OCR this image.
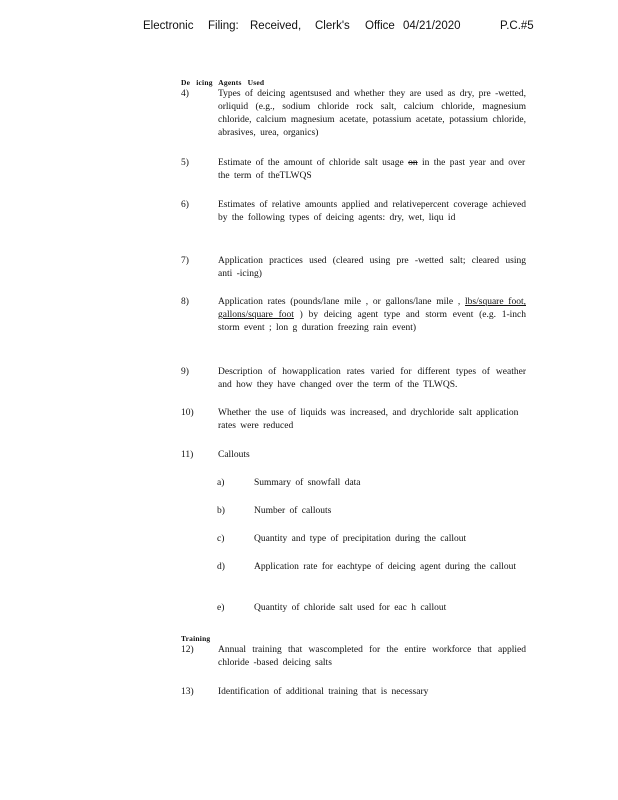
Electronic Filing: Received, Clerk's Office 04/21/2020	P.C.#5
De icing Agents Used
4)	Types of deicing agentsused and whether they are used as dry, pre -wetted, orliquid (e.g., sodium chloride rock salt, calcium chloride, magnesium chloride, calcium magnesium acetate, potassium acetate, potassium chloride, abrasives, urea, organics)
5)	Estimate of the amount of chloride salt usage on in the past year and over the term of theTLWQS
6)	Estimates of relative amounts applied and relativepercent coverage achieved by the following types of deicing agents: dry, wet, liqu id
7)	Application practices used (cleared using pre -wetted salt; cleared using anti -icing)
8)	Application rates (pounds/lane mile , or gallons/lane mile , lbs/square foot, gallons/square foot ) by deicing agent type and storm event (e.g. 1-inch storm event ; lon g duration freezing rain event)
9)	Description of howapplication rates varied for different types of weather and how they have changed over the term of the TLWQS.
10)	Whether the use of liquids was increased, and drychloride salt application rates were reduced
11)	Callouts
a)	Summary of snowfall data
b)	Number of callouts
c)	Quantity and type of precipitation during the callout
d)	Application rate for eachtype of deicing agent during the callout
e)	Quantity of chloride salt used for eac h callout
Training
12)	Annual training that wascompleted for the entire workforce that applied chloride -based deicing salts
13)	Identification of additional training that is necessary
